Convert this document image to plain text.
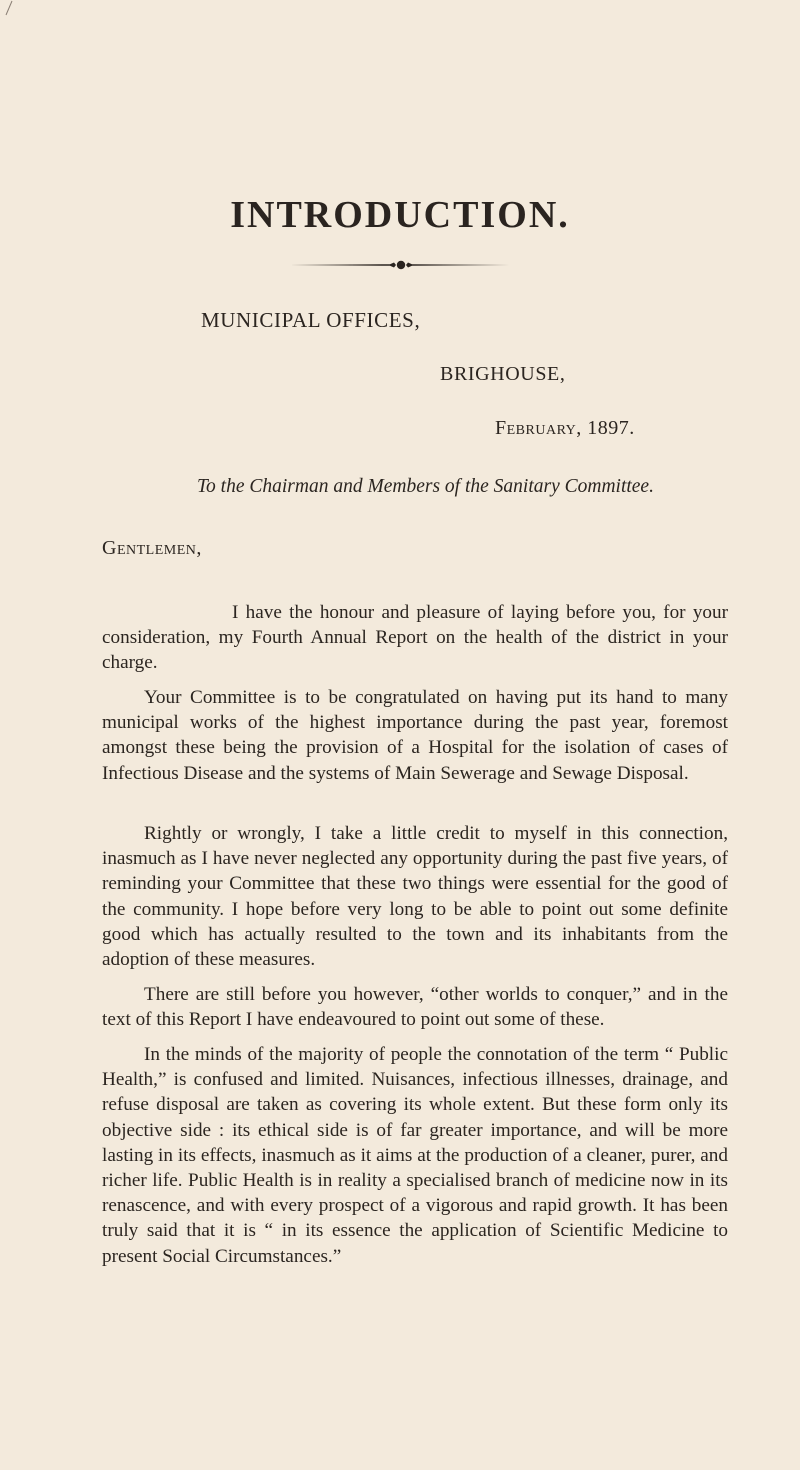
INTRODUCTION.
MUNICIPAL OFFICES,
BRIGHOUSE,
February, 1897.
To the Chairman and Members of the Sanitary Committee.
Gentlemen,
I have the honour and pleasure of laying before you, for your consideration, my Fourth Annual Report on the health of the district in your charge.
Your Committee is to be congratulated on having put its hand to many municipal works of the highest importance during the past year, foremost amongst these being the provision of a Hospital for the isolation of cases of Infectious Disease and the systems of Main Sewerage and Sewage Disposal.
Rightly or wrongly, I take a little credit to myself in this connection, inasmuch as I have never neglected any opportunity during the past five years, of reminding your Committee that these two things were essential for the good of the community. I hope before very long to be able to point out some definite good which has actually resulted to the town and its inhabitants from the adoption of these measures.
There are still before you however, “other worlds to conquer,” and in the text of this Report I have endeavoured to point out some of these.
In the minds of the majority of people the connotation of the term “ Public Health,” is confused and limited. Nuisances, infectious illnesses, drainage, and refuse disposal are taken as covering its whole extent. But these form only its objective side : its ethical side is of far greater importance, and will be more lasting in its effects, inasmuch as it aims at the production of a cleaner, purer, and richer life. Public Health is in reality a specialised branch of medicine now in its renascence, and with every prospect of a vigorous and rapid growth. It has been truly said that it is “ in its essence the application of Scientific Medicine to present Social Circumstances.”
